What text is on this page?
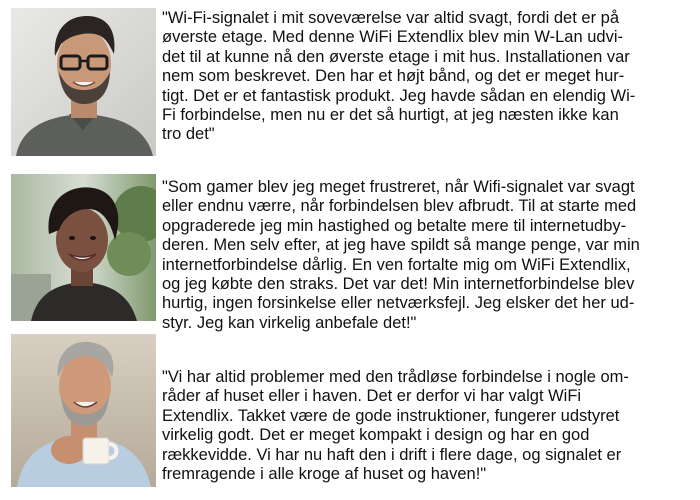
"Wi-Fi-signalet i mit soveværelse var altid svagt, fordi det er på
øverste etage. Med denne WiFi Extendlix blev min W-Lan udvi-
det til at kunne nå den øverste etage i mit hus. Installationen var
nem som beskrevet. Den har et højt bånd, og det er meget hur-
tigt. Det er et fantastisk produkt. Jeg havde sådan en elendig Wi-
Fi forbindelse, men nu er det så hurtigt, at jeg næsten ikke kan
tro det"

"Som gamer blev jeg meget frustreret, når Wifi-signalet var svagt
eller endnu værre, når forbindelsen blev afbrudt. Til at starte med
opgraderede jeg min hastighed og betalte mere til internetudby-
deren. Men selv efter, at jeg have spildt så mange penge, var min
internetforbindelse dårlig. En ven fortalte mig om WiFi Extendlix,
og jeg købte den straks. Det var det! Min internetforbindelse blev
hurtig, ingen forsinkelse eller netværksfejl. Jeg elsker det her ud-
styr. Jeg kan virkelig anbefale det!"

"Vi har altid problemer med den trådløse forbindelse i nogle om-
råder af huset eller i haven. Det er derfor vi har valgt WiFi
Extendlix. Takket være de gode instruktioner, fungerer udstyret
virkelig godt. Det er meget kompakt i design og har en god
rækkevidde. Vi har nu haft den i drift i flere dage, og signalet er
fremragende i alle kroge af huset og haven!"
